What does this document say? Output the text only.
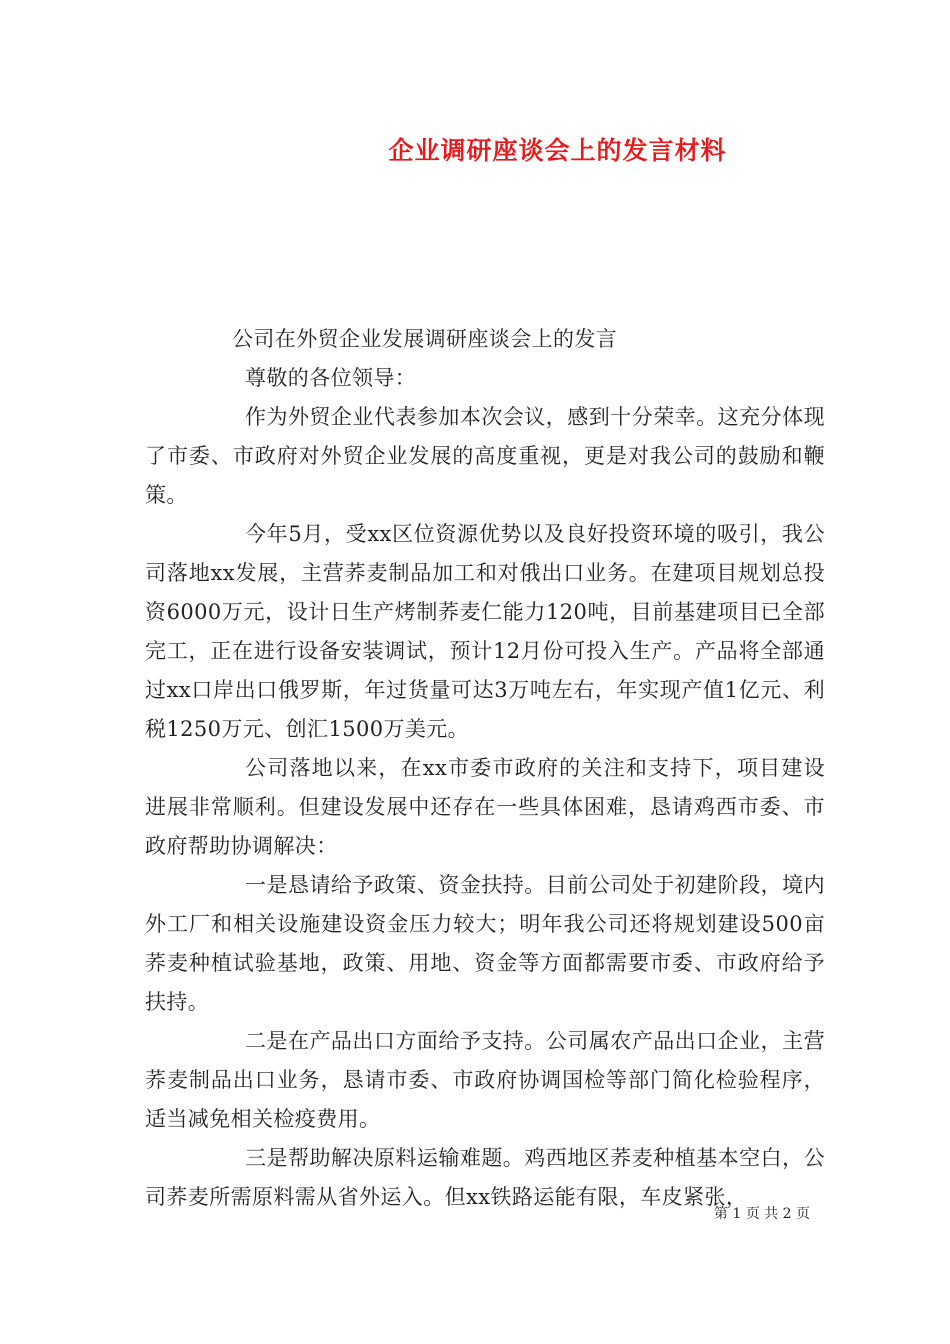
企业调研座谈会上的发言材料

公司在外贸企业发展调研座谈会上的发言

尊敬的各位领导：

作为外贸企业代表参加本次会议，感到十分荣幸。这充分体现了市委、市政府对外贸企业发展的高度重视，更是对我公司的鼓励和鞭策。

今年5月，受xx区位资源优势以及良好投资环境的吸引，我公司落地xx发展，主营荞麦制品加工和对俄出口业务。在建项目规划总投资6000万元，设计日生产烤制荞麦仁能力120吨，目前基建项目已全部完工，正在进行设备安装调试，预计12月份可投入生产。产品将全部通过xx口岸出口俄罗斯，年过货量可达3万吨左右，年实现产值1亿元、利税1250万元、创汇1500万美元。

公司落地以来，在xx市委市政府的关注和支持下，项目建设进展非常顺利。但建设发展中还存在一些具体困难，恳请鸡西市委、市政府帮助协调解决：

一是恳请给予政策、资金扶持。目前公司处于初建阶段，境内外工厂和相关设施建设资金压力较大；明年我公司还将规划建设500亩荞麦种植试验基地，政策、用地、资金等方面都需要市委、市政府给予扶持。

二是在产品出口方面给予支持。公司属农产品出口企业，主营荞麦制品出口业务，恳请市委、市政府协调国检等部门简化检验程序，适当减免相关检疫费用。

三是帮助解决原料运输难题。鸡西地区荞麦种植基本空白，公司荞麦所需原料需从省外运入。但xx铁路运能有限，车皮紧张，

第 1 页 共 2 页
